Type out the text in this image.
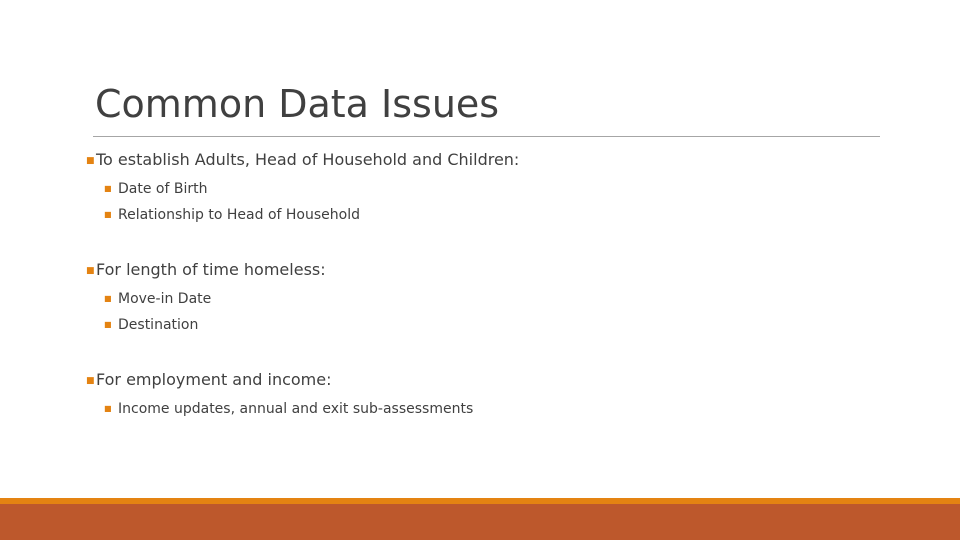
Common Data Issues
■ To establish Adults, Head of Household and Children:
■ Date of Birth
■ Relationship to Head of Household
■ For length of time homeless:
■ Move-in Date
■ Destination
■ For employment and income:
■ Income updates, annual and exit sub-assessments
